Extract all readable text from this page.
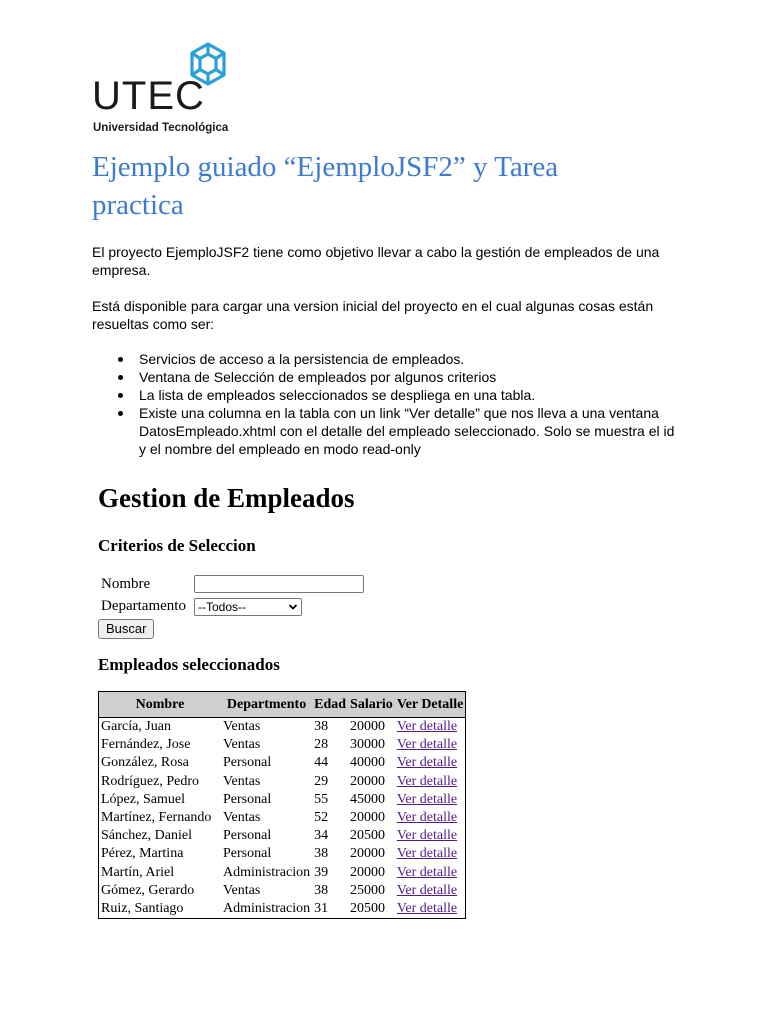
UTEC
Universidad Tecnológica
Ejemplo guiado “EjemploJSF2” y Tarea practica

El proyecto EjemploJSF2 tiene como objetivo llevar a cabo la gestión de empleados de una empresa.

Está disponible para cargar una version inicial del proyecto en el cual algunas cosas están resueltas como ser:

Servicios de acceso a la persistencia de empleados.
Ventana de Selección de empleados por algunos criterios
La lista de empleados seleccionados se despliega en una tabla.
Existe una columna en la tabla con un link “Ver detalle” que nos lleva a una ventana DatosEmpleado.xhtml con el detalle del empleado seleccionado. Solo se muestra el id y el nombre del empleado en modo read-only
Gestion de Empleados
Criterios de Seleccion
Nombre
Departamento	--Todos--
Buscar
Empleados seleccionados
Nombre	Departmento	Edad	Salario	Ver Detalle
García, Juan	Ventas	38	20000	Ver detalle
Fernández, Jose	Ventas	28	30000	Ver detalle
González, Rosa	Personal	44	40000	Ver detalle
Rodríguez, Pedro	Ventas	29	20000	Ver detalle
López, Samuel	Personal	55	45000	Ver detalle
Martínez, Fernando	Ventas	52	20000	Ver detalle
Sánchez, Daniel	Personal	34	20500	Ver detalle
Pérez, Martina	Personal	38	20000	Ver detalle
Martín, Ariel	Administracion	39	20000	Ver detalle
Gómez, Gerardo	Ventas	38	25000	Ver detalle
Ruiz, Santiago	Administracion	31	20500	Ver detalle
